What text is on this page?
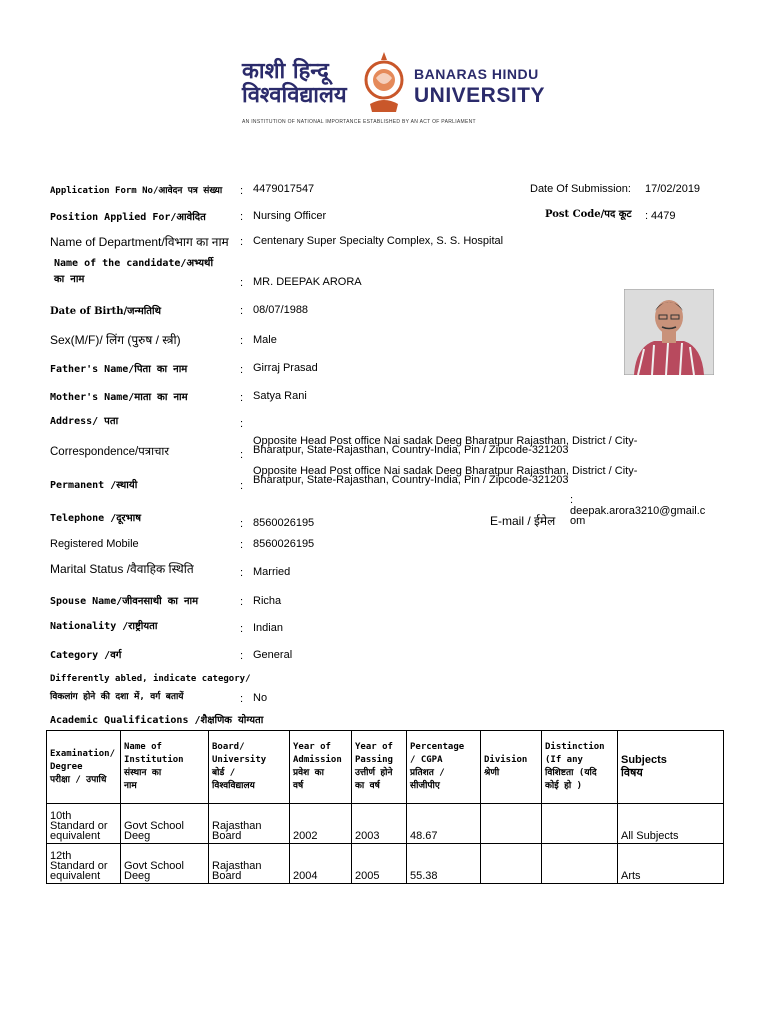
काशी हिन्दू
विश्वविद्यालय
BANARAS HINDU
UNIVERSITY
AN INSTITUTION OF NATIONAL IMPORTANCE ESTABLISHED BY AN ACT OF PARLIAMENT
Application Form No/आवेदन पत्र संख्या : 4479017547	Date Of Submission: 17/02/2019
Position Applied For/आवेदित	: Nursing Officer	Post Code/पद कूट : 4479
Name of Department/विभाग का नाम : Centenary Super Specialty Complex, S. S. Hospital
Name of the candidate/अभ्यर्थी
का नाम	: MR. DEEPAK ARORA
Date of Birth/जन्मतिथि	: 08/07/1988
Sex(M/F)/ लिंग (पुरुष / स्त्री)	: Male
Father's Name/पिता का नाम	: Girraj Prasad
Mother's Name/माता का नाम	: Satya Rani
Address/ पता	:
Correspondence/पत्राचार	:
Opposite Head Post office Nai sadak Deeg Bharatpur Rajasthan, District / City-
Bharatpur, State-Rajasthan, Country-India, Pin / Zipcode-321203
Permanent /स्थायी	:
Opposite Head Post office Nai sadak Deeg Bharatpur Rajasthan, District / City-
Bharatpur, State-Rajasthan, Country-India, Pin / Zipcode-321203
Telephone /दूरभाष	: 8560026195	E-mail / ईमेल
:
deepak.arora3210@gmail.c
om
Registered Mobile	: 8560026195
Marital Status /वैवाहिक स्थिति	: Married
Spouse Name/जीवनसाथी का नाम	: Richa
Nationality /राष्ट्रीयता	: Indian
Category /वर्ग	: General
Differently abled, indicate category/
विकलांग होने की दशा में, वर्ग बतायें	: No
Academic Qualifications /शैक्षणिक योग्यता
Examination/
Degree
परीक्षा / उपाधि	Name of
Institution
संस्थान का
नाम	Board/
University
बोर्ड /
विश्वविद्यालय	Year of
Admission
प्रवेश का
वर्ष	Year of
Passing
उत्तीर्ण होने
का वर्ष	Percentage
/ CGPA
प्रतिशत /
सीजीपीए	Division
श्रेणी	Distinction
(If any
विशिष्टता (यदि
कोई हो )	Subjects
विषय
10th
Standard or
equivalent	Govt School
Deeg	Rajasthan
Board	2002	2003	48.67			All Subjects
12th
Standard or
equivalent	Govt School
Deeg	Rajasthan
Board	2004	2005	55.38			Arts
